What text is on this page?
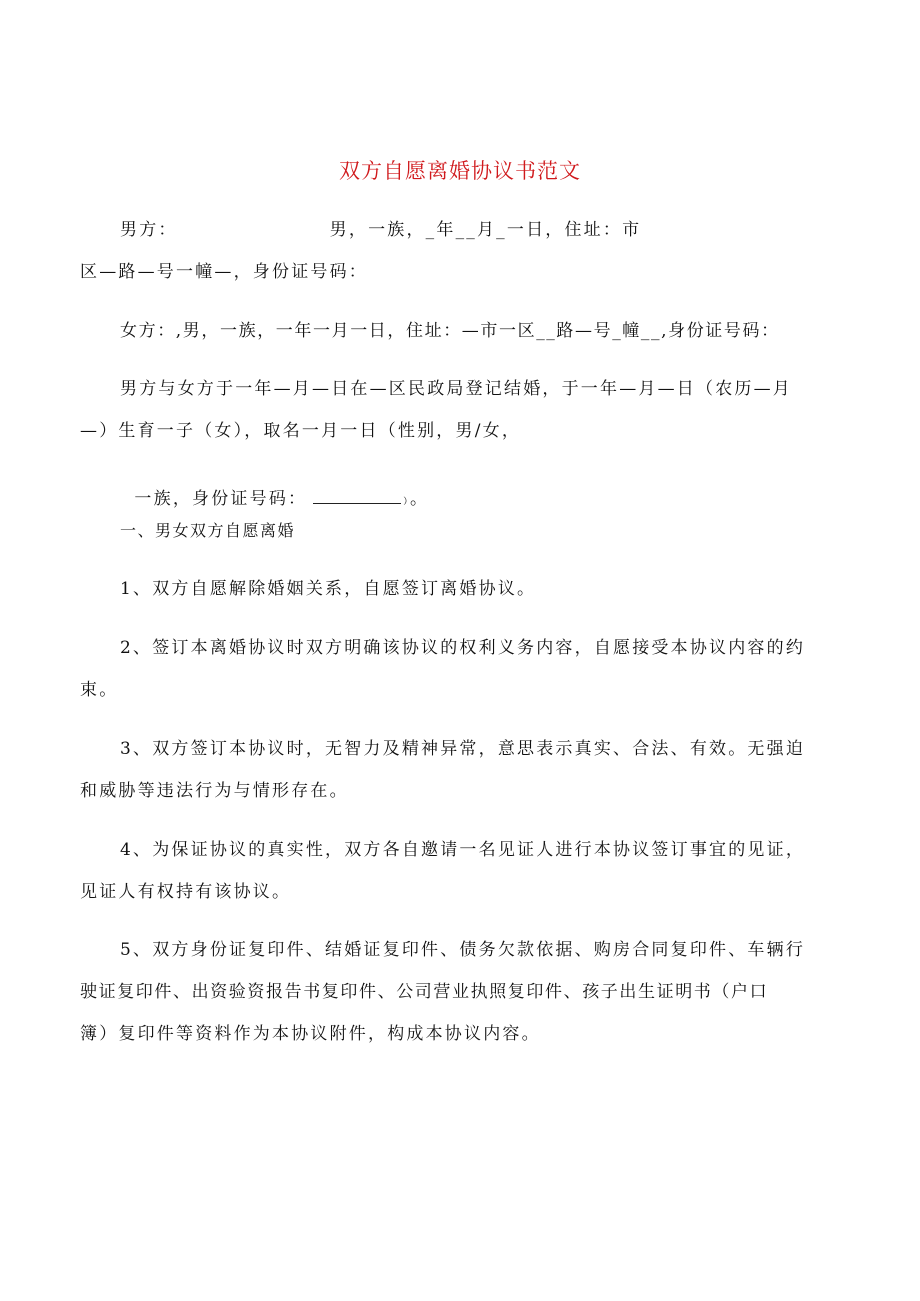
双方自愿离婚协议书范文
男方：                    男，一族，_年__月_一日，住址：市
区—路—号一幢—，身份证号码：
女方：,男，一族，一年一月一日，住址：—市一区__路—号_幢__,身份证号码：
男方与女方于一年—月—日在—区民政局登记结婚，于一年—月—日（农历—月
—）生育一子（女），取名一月一日（性别，男/女，

一族，身份证号码：	）。

一、男女双方自愿离婚
1、双方自愿解除婚姻关系，自愿签订离婚协议。
2、签订本离婚协议时双方明确该协议的权利义务内容，自愿接受本协议内容的约
束。
3、双方签订本协议时，无智力及精神异常，意思表示真实、合法、有效。无强迫
和威胁等违法行为与情形存在。
4、为保证协议的真实性，双方各自邀请一名见证人进行本协议签订事宜的见证，
见证人有权持有该协议。
5、双方身份证复印件、结婚证复印件、债务欠款依据、购房合同复印件、车辆行
驶证复印件、出资验资报告书复印件、公司营业执照复印件、孩子出生证明书（户口
簿）复印件等资料作为本协议附件，构成本协议内容。
